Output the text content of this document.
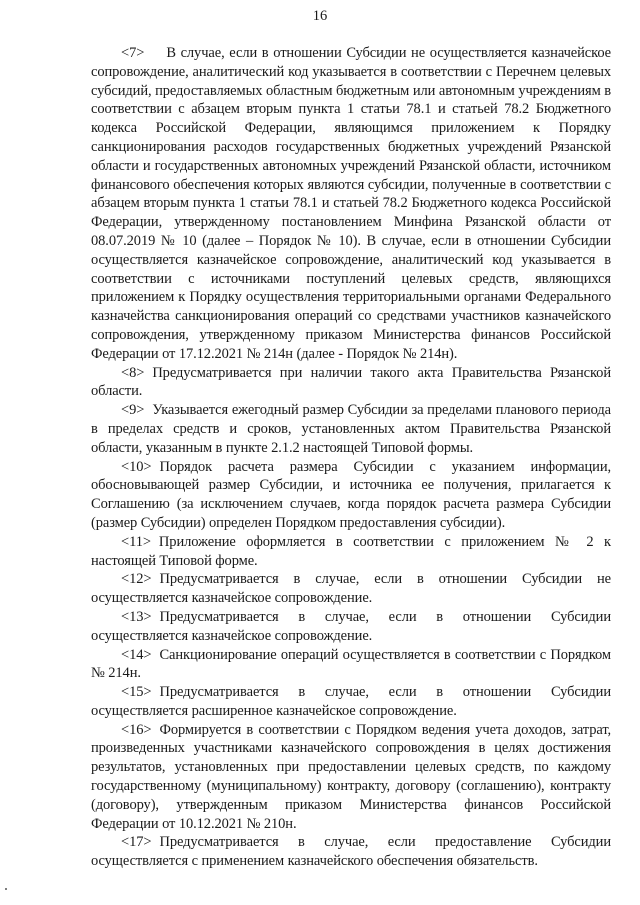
16

<7> В случае, если в отношении Субсидии не осуществляется казначейское сопровождение, аналитический код указывается в соответствии с Перечнем целевых субсидий, предоставляемых областным бюджетным или автономным учреждениям в соответствии с абзацем вторым пункта 1 статьи 78.1 и статьей 78.2 Бюджетного кодекса Российской Федерации, являющимся приложением к Порядку санкционирования расходов государственных бюджетных учреждений Рязанской области и государственных автономных учреждений Рязанской области, источником финансового обеспечения которых являются субсидии, полученные в соответствии с абзацем вторым пункта 1 статьи 78.1 и статьей 78.2 Бюджетного кодекса Российской Федерации, утвержденному постановлением Минфина Рязанской области от 08.07.2019 № 10 (далее – Порядок № 10). В случае, если в отношении Субсидии осуществляется казначейское сопровождение, аналитический код указывается в соответствии с источниками поступлений целевых средств, являющихся приложением к Порядку осуществления территориальными органами Федерального казначейства санкционирования операций со средствами участников казначейского сопровождения, утвержденному приказом Министерства финансов Российской Федерации от 17.12.2021 № 214н (далее - Порядок № 214н).

<8> Предусматривается при наличии такого акта Правительства Рязанской области.

<9> Указывается ежегодный размер Субсидии за пределами планового периода в пределах средств и сроков, установленных актом Правительства Рязанской области, указанным в пункте 2.1.2 настоящей Типовой формы.

<10> Порядок расчета размера Субсидии с указанием информации, обосновывающей размер Субсидии, и источника ее получения, прилагается к Соглашению (за исключением случаев, когда порядок расчета размера Субсидии (размер Субсидии) определен Порядком предоставления субсидии).

<11> Приложение оформляется в соответствии с приложением № 2 к настоящей Типовой форме.

<12> Предусматривается в случае, если в отношении Субсидии не осуществляется казначейское сопровождение.

<13> Предусматривается в случае, если в отношении Субсидии осуществляется казначейское сопровождение.

<14> Санкционирование операций осуществляется в соответствии с Порядком № 214н.

<15> Предусматривается в случае, если в отношении Субсидии осуществляется расширенное казначейское сопровождение.

<16> Формируется в соответствии с Порядком ведения учета доходов, затрат, произведенных участниками казначейского сопровождения в целях достижения результатов, установленных при предоставлении целевых средств, по каждому государственному (муниципальному) контракту, договору (соглашению), контракту (договору), утвержденным приказом Министерства финансов Российской Федерации от 10.12.2021 № 210н.

<17> Предусматривается в случае, если предоставление Субсидии осуществляется с применением казначейского обеспечения обязательств.
